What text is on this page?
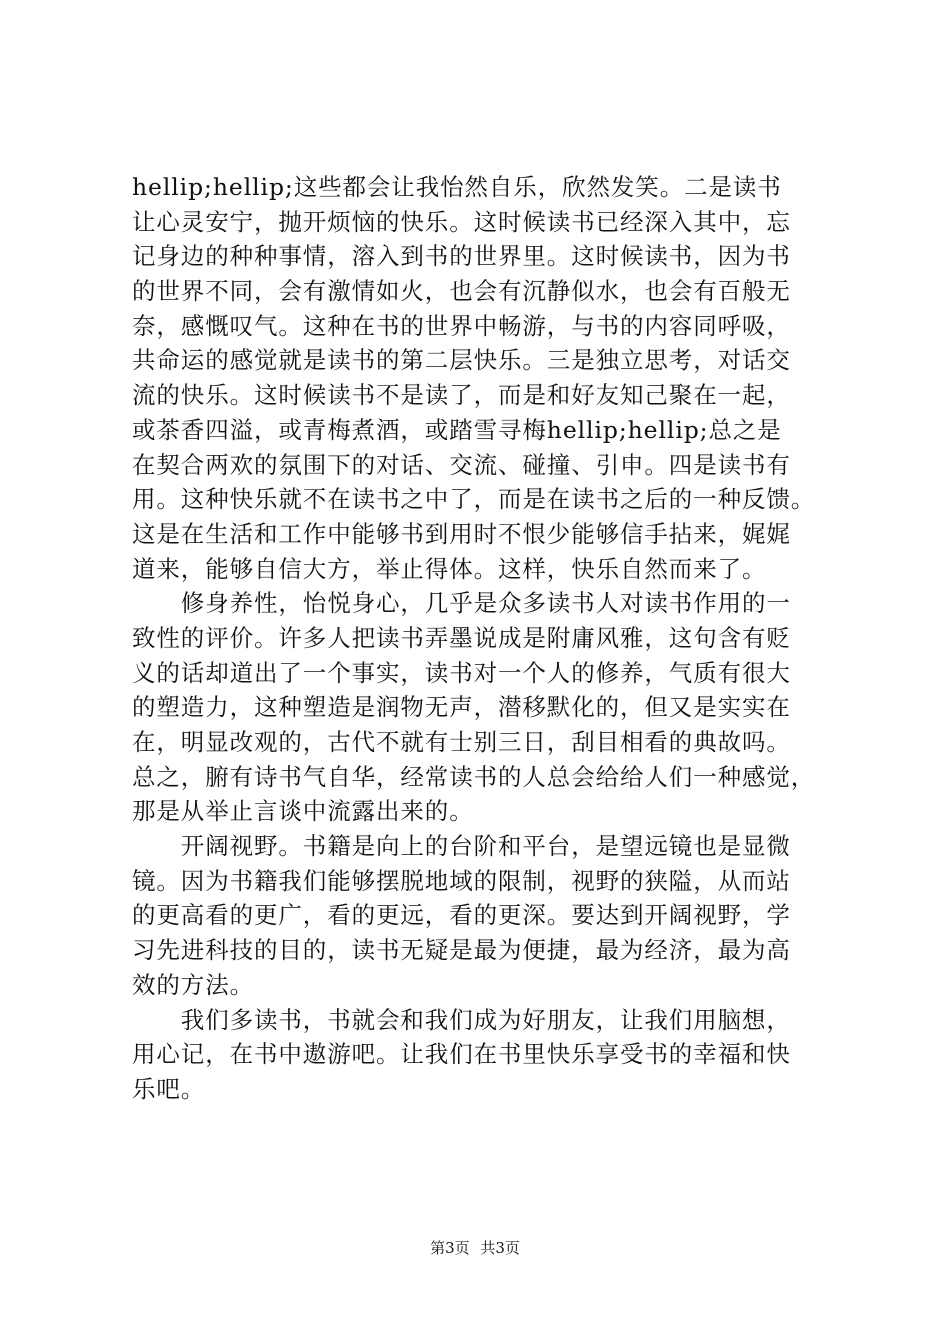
hellip;hellip;这些都会让我怡然自乐，欣然发笑。二是读书
让心灵安宁，抛开烦恼的快乐。这时候读书已经深入其中，忘
记身边的种种事情，溶入到书的世界里。这时候读书，因为书
的世界不同，会有激情如火，也会有沉静似水，也会有百般无
奈，感慨叹气。这种在书的世界中畅游，与书的内容同呼吸，
共命运的感觉就是读书的第二层快乐。三是独立思考，对话交
流的快乐。这时候读书不是读了，而是和好友知己聚在一起，
或茶香四溢，或青梅煮酒，或踏雪寻梅hellip;hellip;总之是
在契合两欢的氛围下的对话、交流、碰撞、引申。四是读书有
用。这种快乐就不在读书之中了，而是在读书之后的一种反馈。
这是在生活和工作中能够书到用时不恨少能够信手拈来，娓娓
道来，能够自信大方，举止得体。这样，快乐自然而来了。
　　修身养性，怡悦身心，几乎是众多读书人对读书作用的一
致性的评价。许多人把读书弄墨说成是附庸风雅，这句含有贬
义的话却道出了一个事实，读书对一个人的修养，气质有很大
的塑造力，这种塑造是润物无声，潜移默化的，但又是实实在
在，明显改观的，古代不就有士别三日，刮目相看的典故吗。
总之，腑有诗书气自华，经常读书的人总会给给人们一种感觉，
那是从举止言谈中流露出来的。
　　开阔视野。书籍是向上的台阶和平台，是望远镜也是显微
镜。因为书籍我们能够摆脱地域的限制，视野的狭隘，从而站
的更高看的更广，看的更远，看的更深。要达到开阔视野，学
习先进科技的目的，读书无疑是最为便捷，最为经济，最为高
效的方法。
　　我们多读书，书就会和我们成为好朋友，让我们用脑想，
用心记，在书中遨游吧。让我们在书里快乐享受书的幸福和快
乐吧。
第3页 共3页
